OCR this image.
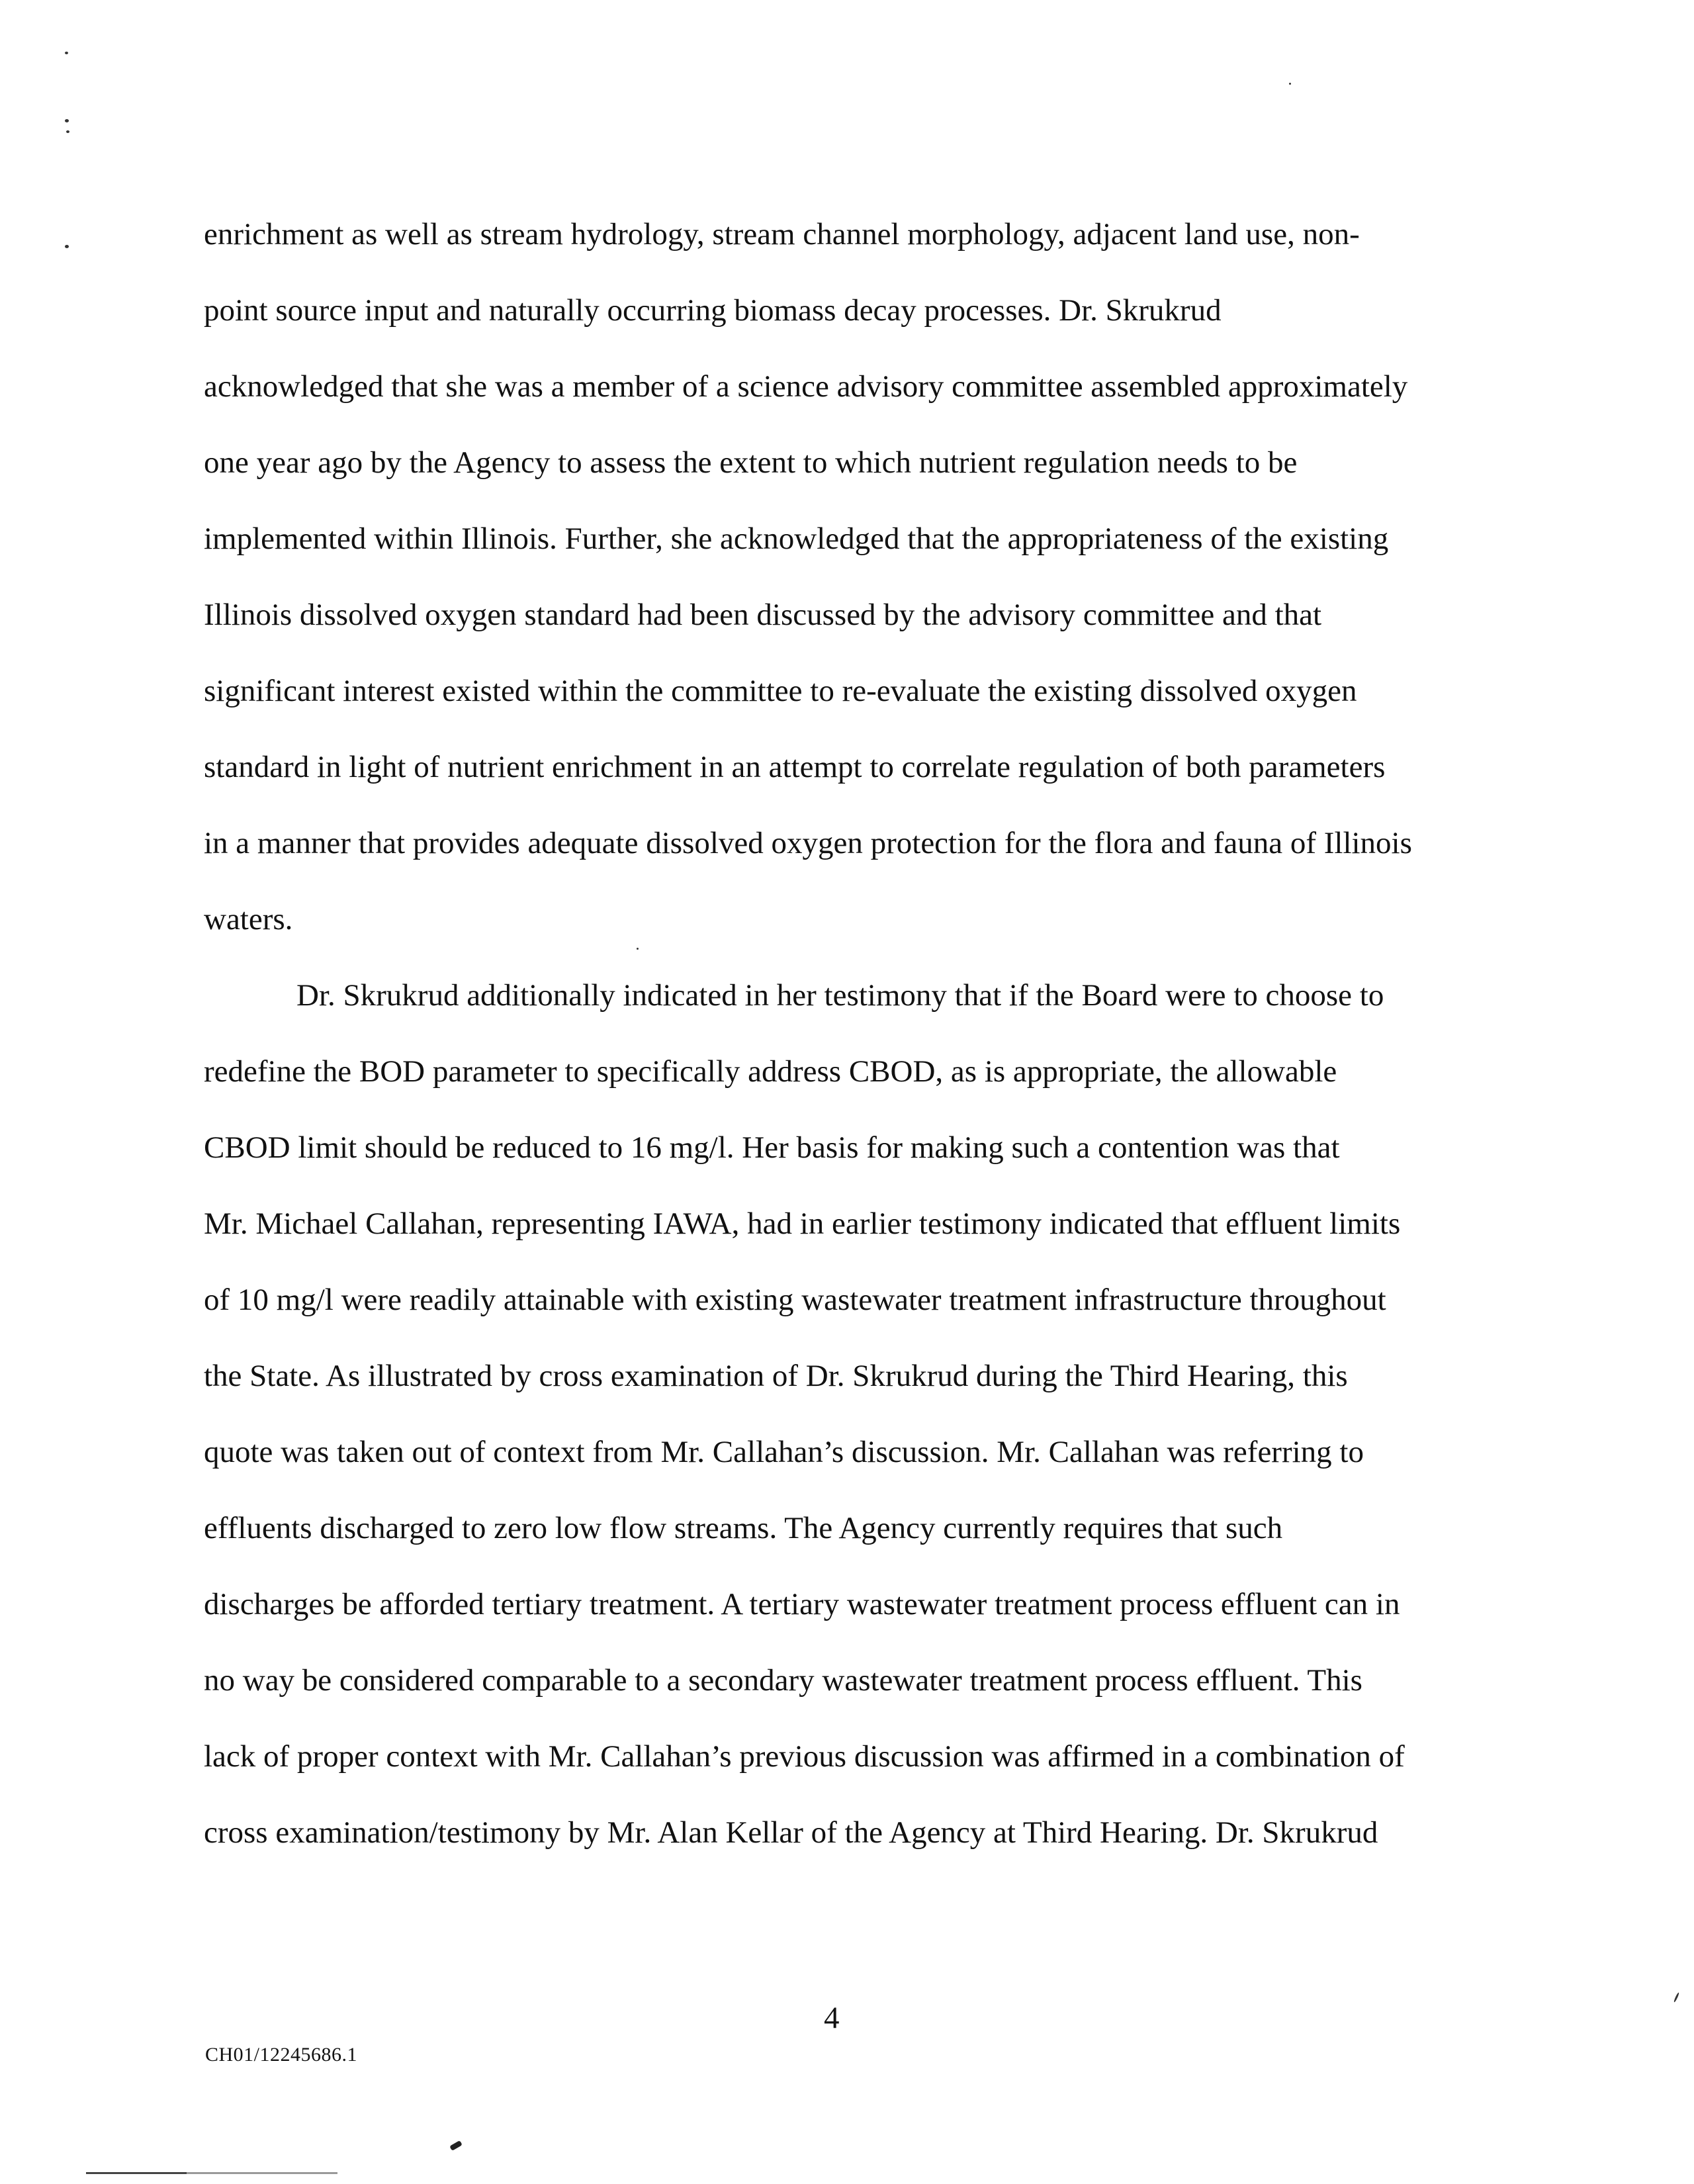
enrichment as well as stream hydrology, stream channel morphology, adjacent land use, non-
point source input and naturally occurring biomass decay processes. Dr. Skrukrud
acknowledged that she was a member of a science advisory committee assembled approximately
one year ago by the Agency to assess the extent to which nutrient regulation needs to be
implemented within Illinois. Further, she acknowledged that the appropriateness of the existing
Illinois dissolved oxygen standard had been discussed by the advisory committee and that
significant interest existed within the committee to re-evaluate the existing dissolved oxygen
standard in light of nutrient enrichment in an attempt to correlate regulation of both parameters
in a manner that provides adequate dissolved oxygen protection for the flora and fauna of Illinois
waters.
Dr. Skrukrud additionally indicated in her testimony that if the Board were to choose to
redefine the BOD parameter to specifically address CBOD, as is appropriate, the allowable
CBOD limit should be reduced to 16 mg/l. Her basis for making such a contention was that
Mr. Michael Callahan, representing IAWA, had in earlier testimony indicated that effluent limits
of 10 mg/l were readily attainable with existing wastewater treatment infrastructure throughout
the State. As illustrated by cross examination of Dr. Skrukrud during the Third Hearing, this
quote was taken out of context from Mr. Callahan’s discussion. Mr. Callahan was referring to
effluents discharged to zero low flow streams. The Agency currently requires that such
discharges be afforded tertiary treatment. A tertiary wastewater treatment process effluent can in
no way be considered comparable to a secondary wastewater treatment process effluent. This
lack of proper context with Mr. Callahan’s previous discussion was affirmed in a combination of
cross examination/testimony by Mr. Alan Kellar of the Agency at Third Hearing. Dr. Skrukrud
4
CH01/12245686.1
